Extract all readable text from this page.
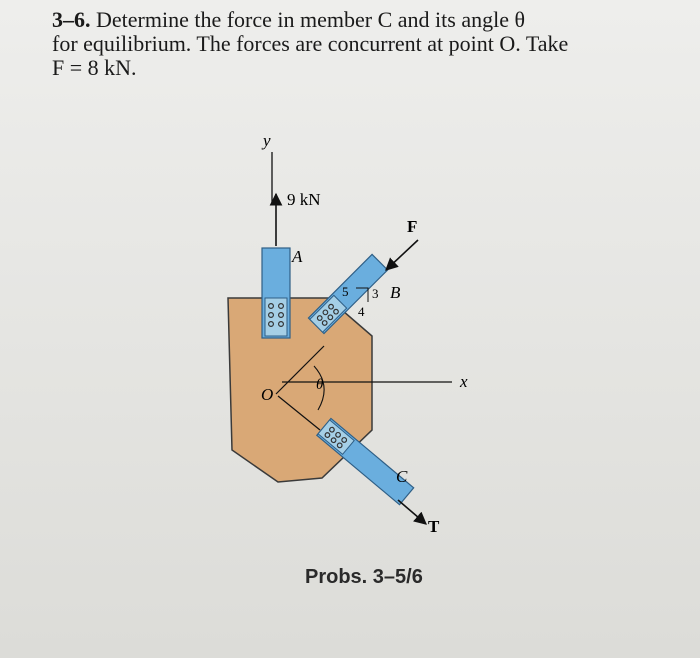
3–6. Determine the force in member C and its angle θ

for equilibrium. The forces are concurrent at point O. Take

F = 8 kN.

y
x
O
9 kN
A
B
C
F
T
θ
5 3
4
Probs. 3–5/6
